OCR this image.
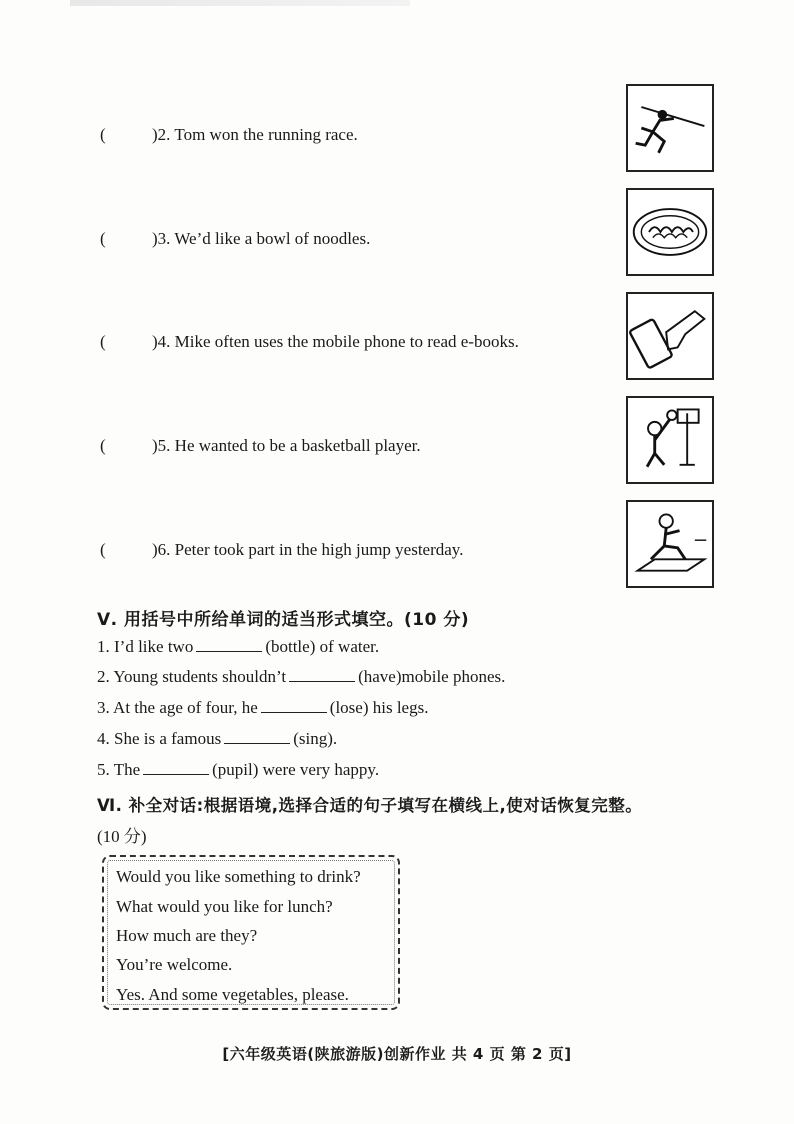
(	)2. Tom won the running race.
(	)3. We’d like a bowl of noodles.
(	)4. Mike often uses the mobile phone to read e-books.
(	)5. He wanted to be a basketball player.
(	)6. Peter took part in the high jump yesterday.
Ⅴ. 用括号中所给单词的适当形式填空。(10 分)
1. I’d like two	(bottle) of water.
2. Young students shouldn’t	(have)mobile phones.
3. At the age of four, he	(lose) his legs.
4. She is a famous	(sing).
5. The	(pupil) were very happy.
Ⅵ. 补全对话:根据语境,选择合适的句子填写在横线上,使对话恢复完整。
(10 分)
Would you like something to drink?
What would you like for lunch?
How much are they?
You’re welcome.
Yes. And some vegetables, please.
[六年级英语(陕旅游版)创新作业 共 4 页 第 2 页]
